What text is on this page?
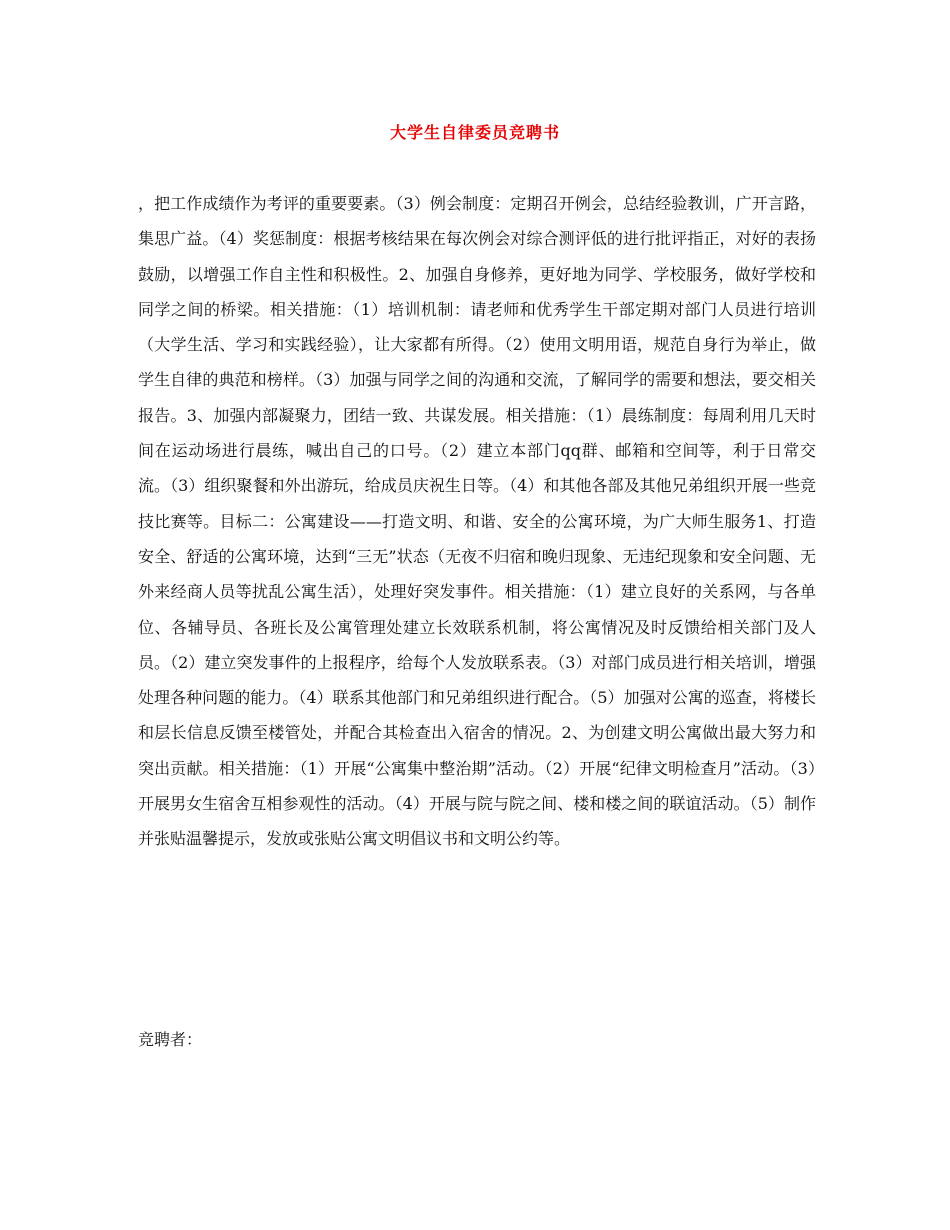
大学生自律委员竞聘书

，把工作成绩作为考评的重要要素。（3）例会制度：定期召开例会，总结经验教训，广开言路，集思广益。（4）奖惩制度：根据考核结果在每次例会对综合测评低的进行批评指正，对好的表扬鼓励，以增强工作自主性和积极性。2、加强自身修养，更好地为同学、学校服务，做好学校和同学之间的桥梁。相关措施：（1）培训机制：请老师和优秀学生干部定期对部门人员进行培训（大学生活、学习和实践经验），让大家都有所得。（2）使用文明用语，规范自身行为举止，做学生自律的典范和榜样。（3）加强与同学之间的沟通和交流，了解同学的需要和想法，要交相关报告。3、加强内部凝聚力，团结一致、共谋发展。相关措施：（1）晨练制度：每周利用几天时间在运动场进行晨练，喊出自己的口号。（2）建立本部门qq群、邮箱和空间等，利于日常交流。（3）组织聚餐和外出游玩，给成员庆祝生日等。（4）和其他各部及其他兄弟组织开展一些竞技比赛等。目标二：公寓建设——打造文明、和谐、安全的公寓环境，为广大师生服务1、打造安全、舒适的公寓环境，达到“三无”状态（无夜不归宿和晚归现象、无违纪现象和安全问题、无外来经商人员等扰乱公寓生活），处理好突发事件。相关措施：（1）建立良好的关系网，与各单位、各辅导员、各班长及公寓管理处建立长效联系机制，将公寓情况及时反馈给相关部门及人员。（2）建立突发事件的上报程序，给每个人发放联系表。（3）对部门成员进行相关培训，增强处理各种问题的能力。（4）联系其他部门和兄弟组织进行配合。（5）加强对公寓的巡查，将楼长和层长信息反馈至楼管处，并配合其检查出入宿舍的情况。2、为创建文明公寓做出最大努力和突出贡献。相关措施：（1）开展“公寓集中整治期”活动。（2）开展“纪律文明检查月”活动。（3）开展男女生宿舍互相参观性的活动。（4）开展与院与院之间、楼和楼之间的联谊活动。（5）制作并张贴温馨提示，发放或张贴公寓文明倡议书和文明公约等。

竞聘者：
